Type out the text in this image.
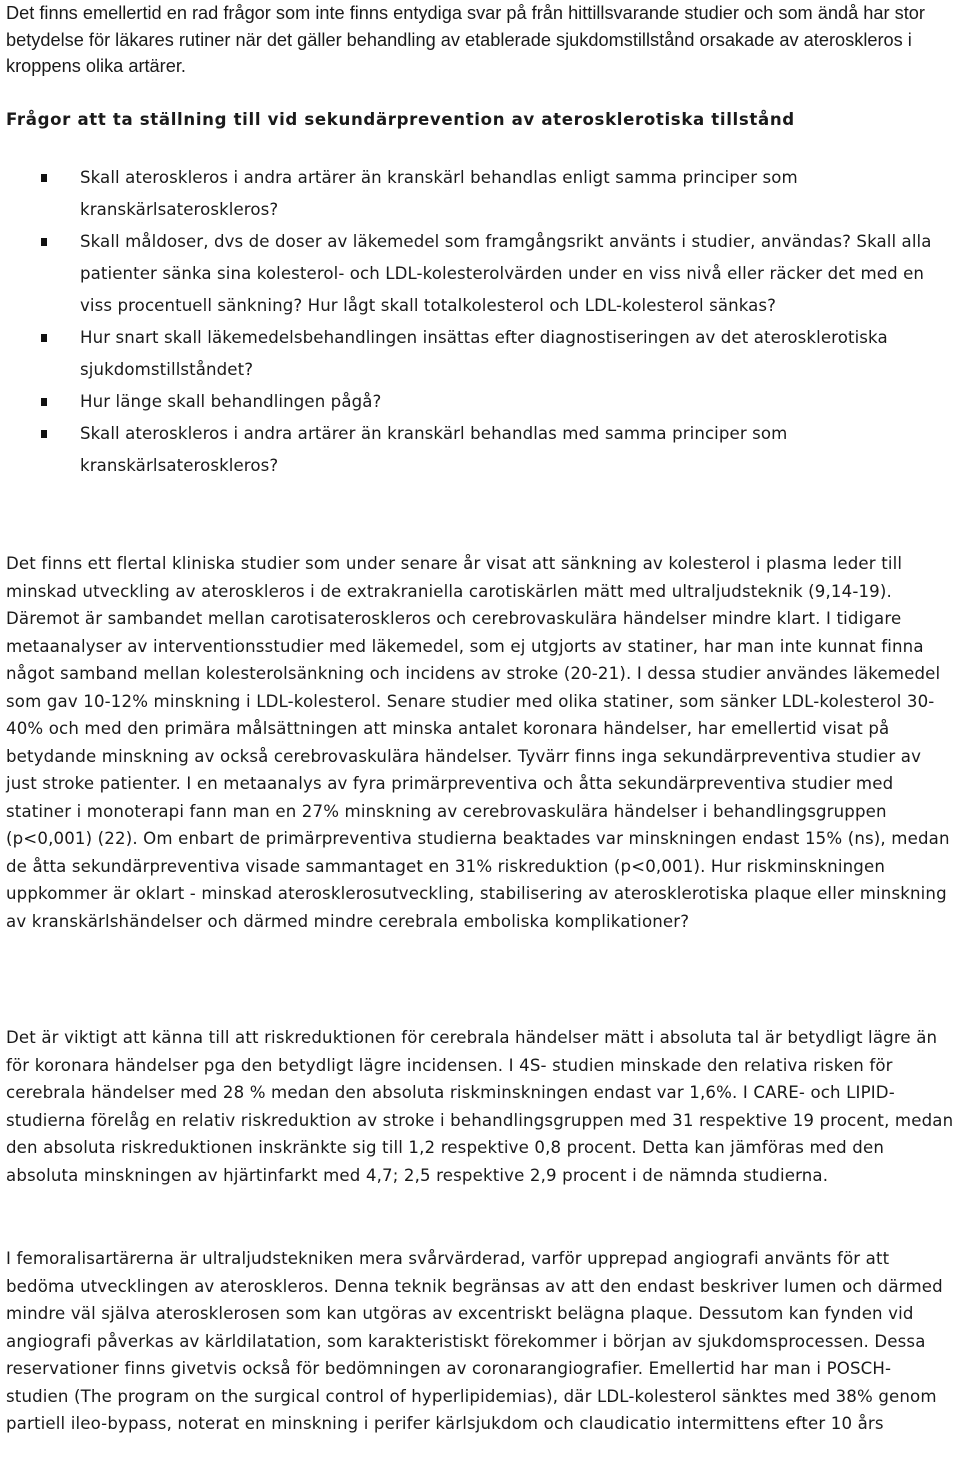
Det finns emellertid en rad frågor som inte finns entydiga svar på från hittillsvarande studier och som ändå har stor betydelse för läkares rutiner när det gäller behandling av etablerade sjukdomstillstånd orsakade av ateroskleros i kroppens olika artärer.

Frågor att ta ställning till vid sekundärprevention av aterosklerotiska tillstånd

Skall ateroskleros i andra artärer än kranskärl behandlas enligt samma principer som kranskärlsateroskleros?
Skall måldoser, dvs de doser av läkemedel som framgångsrikt använts i studier, användas? Skall alla patienter sänka sina kolesterol- och LDL-kolesterolvärden under en viss nivå eller räcker det med en viss procentuell sänkning? Hur lågt skall totalkolesterol och LDL-kolesterol sänkas?
Hur snart skall läkemedelsbehandlingen insättas efter diagnostiseringen av det aterosklerotiska sjukdomstillståndet?
Hur länge skall behandlingen pågå?
Skall ateroskleros i andra artärer än kranskärl behandlas med samma principer som kranskärlsateroskleros?

Det finns ett flertal kliniska studier som under senare år visat att sänkning av kolesterol i plasma leder till minskad utveckling av ateroskleros i de extrakraniella carotiskärlen mätt med ultraljudsteknik (9,14-19). Däremot är sambandet mellan carotisateroskleros och cerebrovaskulära händelser mindre klart. I tidigare metaanalyser av interventionsstudier med läkemedel, som ej utgjorts av statiner, har man inte kunnat finna något samband mellan kolesterolsänkning och incidens av stroke (20-21). I dessa studier användes läkemedel som gav 10-12% minskning i LDL-kolesterol. Senare studier med olika statiner, som sänker LDL-kolesterol 30-40% och med den primära målsättningen att minska antalet koronara händelser, har emellertid visat på betydande minskning av också cerebrovaskulära händelser. Tyvärr finns inga sekundärpreventiva studier av just stroke patienter. I en metaanalys av fyra primärpreventiva och åtta sekundärpreventiva studier med statiner i monoterapi fann man en 27% minskning av cerebrovaskulära händelser i behandlingsgruppen (p<0,001) (22). Om enbart de primärpreventiva studierna beaktades var minskningen endast 15% (ns), medan de åtta sekundärpreventiva visade sammantaget en 31% riskreduktion (p<0,001). Hur riskminskningen uppkommer är oklart - minskad aterosklerosutveckling, stabilisering av aterosklerotiska plaque eller minskning av kranskärlshändelser och därmed mindre cerebrala emboliska komplikationer?

Det är viktigt att känna till att riskreduktionen för cerebrala händelser mätt i absoluta tal är betydligt lägre än för koronara händelser pga den betydligt lägre incidensen. I 4S- studien minskade den relativa risken för cerebrala händelser med 28 % medan den absoluta riskminskningen endast var 1,6%. I CARE- och LIPID- studierna förelåg en relativ riskreduktion av stroke i behandlingsgruppen med 31 respektive 19 procent, medan den absoluta riskreduktionen inskränkte sig till 1,2 respektive 0,8 procent. Detta kan jämföras med den absoluta minskningen av hjärtinfarkt med 4,7; 2,5 respektive 2,9 procent i de nämnda studierna.

I femoralisartärerna är ultraljudstekniken mera svårvärderad, varför upprepad angiografi använts för att bedöma utvecklingen av ateroskleros. Denna teknik begränsas av att den endast beskriver lumen och därmed mindre väl själva aterosklerosen som kan utgöras av excentriskt belägna plaque. Dessutom kan fynden vid angiografi påverkas av kärldilatation, som karakteristiskt förekommer i början av sjukdomsprocessen. Dessa reservationer finns givetvis också för bedömningen av coronarangiografier. Emellertid har man i POSCH- studien (The program on the surgical control of hyperlipidemias), där LDL-kolesterol sänktes med 38% genom partiell ileo-bypass, noterat en minskning i perifer kärlsjukdom och claudicatio intermittens efter 10 års
